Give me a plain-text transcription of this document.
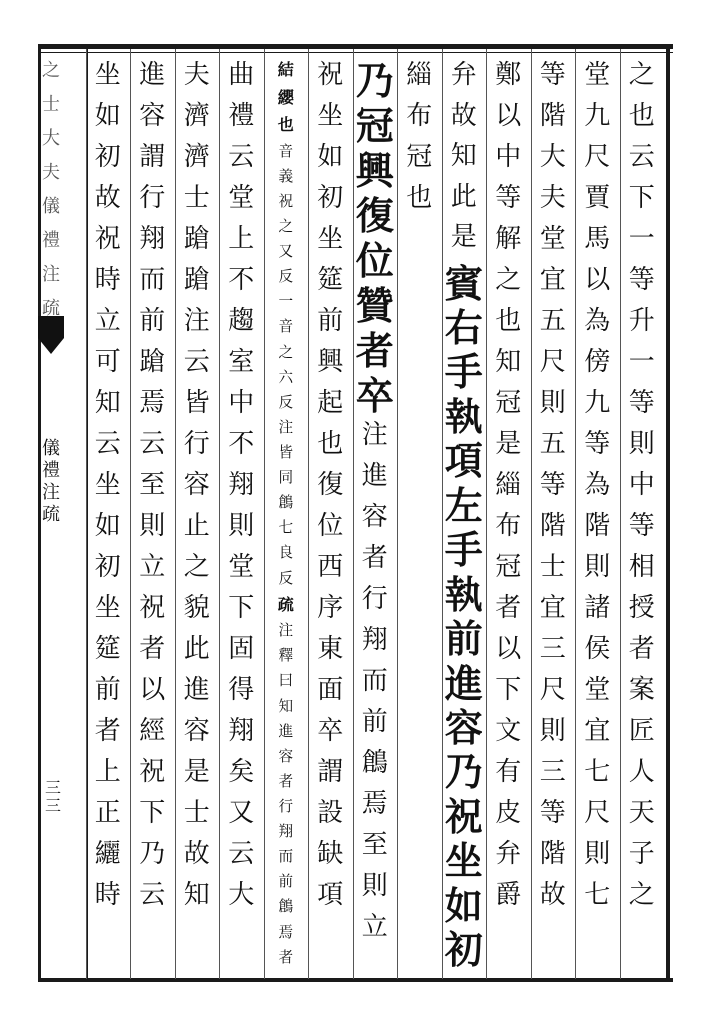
之
士
大
夫
儀
禮
注
疏
儀
禮
注
疏
三
三
之
也
云
下
一
等
升
一
等
則
中
等
相
授
者
案
匠
人
天
子
之
堂
九
尺
賈
馬
以
為
傍
九
等
為
階
則
諸
侯
堂
宜
七
尺
則
七
等
階
大
夫
堂
宜
五
尺
則
五
等
階
士
宜
三
尺
則
三
等
階
故
鄭
以
中
等
解
之
也
知
冠
是
緇
布
冠
者
以
下
文
有
皮
弁
爵
弁
故
知
此
是
賓
右
手
執
項
左
手
執
前
進
容
乃
祝
坐
如
初
緇
布
冠
也
乃
冠
興
復
位
贊
者
卒
注
進
容
者
行
翔
而
前
鶬
焉
至
則
立
祝
坐
如
初
坐
筵
前
興
起
也
復
位
西
序
東
面
卒
謂
設
缺
項
結
纓
也
音
義
祝
之
又
反
一
音
之
六
反
注
皆
同
鶬
七
良
反
疏
注
釋
曰
知
進
容
者
行
翔
而
前
鶬
焉
者
曲
禮
云
堂
上
不
趨
室
中
不
翔
則
堂
下
固
得
翔
矣
又
云
大
夫
濟
濟
士
蹌
蹌
注
云
皆
行
容
止
之
貌
此
進
容
是
士
故
知
進
容
謂
行
翔
而
前
蹌
焉
云
至
則
立
祝
者
以
經
祝
下
乃
云
坐
如
初
故
祝
時
立
可
知
云
坐
如
初
坐
筵
前
者
上
正
纚
時
